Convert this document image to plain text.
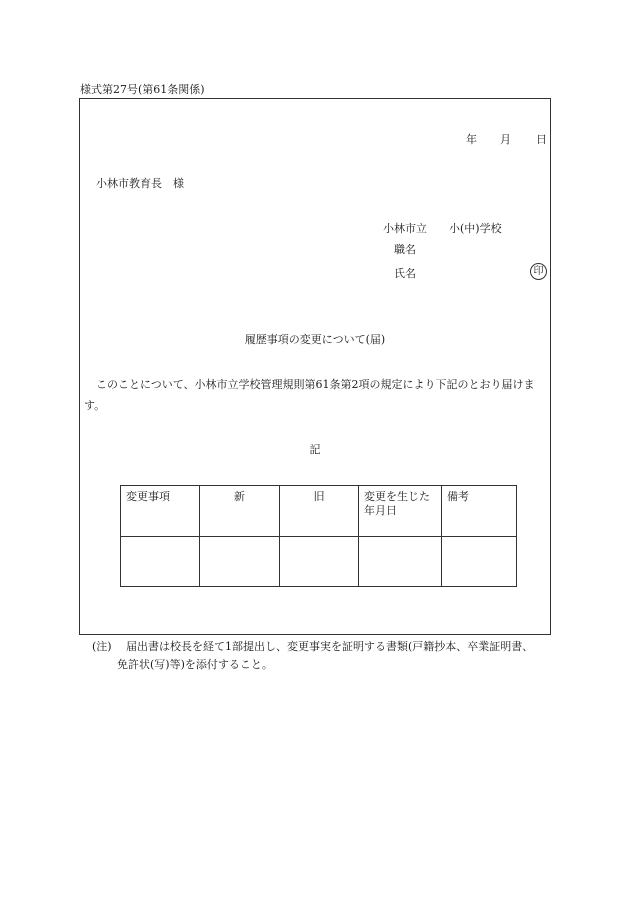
様式第27号(第61条関係)
年 月 日
小林市教育長　様
小林市立　　小(中)学校
職名
氏名	印
履歴事項の変更について(届)
このことについて、小林市立学校管理規則第61条第2項の規定により下記のとおり届けます。
記
変更事項	新	旧	変更を生じた年月日	備考

(注) 届出書は校長を経て1部提出し、変更事実を証明する書類(戸籍抄本、卒業証明書、
免許状(写)等)を添付すること。
